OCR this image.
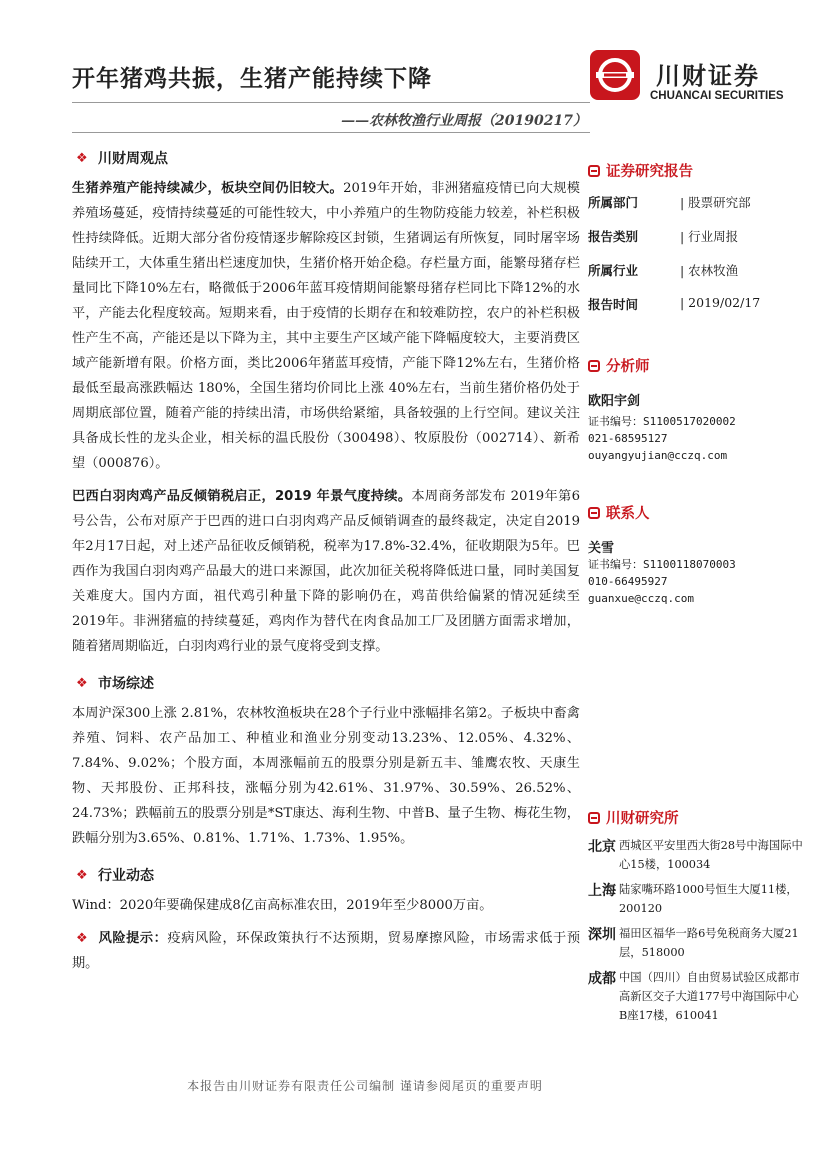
开年猪鸡共振，生猪产能持续下降
——农林牧渔行业周报（20190217）
川财证券
CHUANCAI SECURITIES
❖ 川财周观点

生猪养殖产能持续减少，板块空间仍旧较大。2019年开始，非洲猪瘟疫情已向大规模养殖场蔓延，疫情持续蔓延的可能性较大，中小养殖户的生物防疫能力较差，补栏积极性持续降低。近期大部分省份疫情逐步解除疫区封锁，生猪调运有所恢复，同时屠宰场陆续开工，大体重生猪出栏速度加快，生猪价格开始企稳。存栏量方面，能繁母猪存栏量同比下降10%左右，略微低于2006年蓝耳疫情期间能繁母猪存栏同比下降12%的水平，产能去化程度较高。短期来看，由于疫情的长期存在和较难防控，农户的补栏积极性产生不高，产能还是以下降为主，其中主要生产区域产能下降幅度较大，主要消费区域产能新增有限。价格方面，类比2006年猪蓝耳疫情，产能下降12%左右，生猪价格最低至最高涨跌幅达 180%，全国生猪均价同比上涨 40%左右，当前生猪价格仍处于周期底部位置，随着产能的持续出清，市场供给紧缩，具备较强的上行空间。建议关注具备成长性的龙头企业，相关标的温氏股份（300498）、牧原股份（002714）、新希望（000876）。

巴西白羽肉鸡产品反倾销税启正，2019 年景气度持续。本周商务部发布 2019年第6号公告，公布对原产于巴西的进口白羽肉鸡产品反倾销调查的最终裁定，决定自2019年2月17日起，对上述产品征收反倾销税，税率为17.8%-32.4%，征收期限为5年。巴西作为我国白羽肉鸡产品最大的进口来源国，此次加征关税将降低进口量，同时美国复关难度大。国内方面，祖代鸡引种量下降的影响仍在，鸡苗供给偏紧的情况延续至2019年。非洲猪瘟的持续蔓延，鸡肉作为替代在肉食品加工厂及团膳方面需求增加，随着猪周期临近，白羽肉鸡行业的景气度将受到支撑。

❖ 市场综述

本周沪深300上涨 2.81%，农林牧渔板块在28个子行业中涨幅排名第2。子板块中畜禽养殖、饲料、农产品加工、种植业和渔业分别变动13.23%、12.05%、4.32%、7.84%、9.02%；个股方面，本周涨幅前五的股票分别是新五丰、雏鹰农牧、天康生物、天邦股份、正邦科技，涨幅分别为42.61%、31.97%、30.59%、26.52%、24.73%；跌幅前五的股票分别是*ST康达、海利生物、中普B、量子生物、梅花生物，跌幅分别为3.65%、0.81%、1.71%、1.73%、1.95%。

❖ 行业动态

Wind：2020年要确保建成8亿亩高标准农田，2019年至少8000万亩。

❖ 风险提示：疫病风险，环保政策执行不达预期，贸易摩擦风险，市场需求低于预期。

证券研究报告
所属部门	| 股票研究部
报告类别	| 行业周报
所属行业	| 农林牧渔
报告时间	| 2019/02/17
分析师
欧阳宇剑
证书编号：S1100517020002
021-68595127
ouyangyujian@cczq.com
联系人
关雪
证书编号：S1100118070003
010-66495927
guanxue@cczq.com
川财研究所
北京 西城区平安里西大街28号中海国际中心15楼，100034
上海 陆家嘴环路1000号恒生大厦11楼，200120
深圳 福田区福华一路6号免税商务大厦21层，518000
成都 中国（四川）自由贸易试验区成都市高新区交子大道177号中海国际中心B座17楼，610041
本报告由川财证券有限责任公司编制 谨请参阅尾页的重要声明
